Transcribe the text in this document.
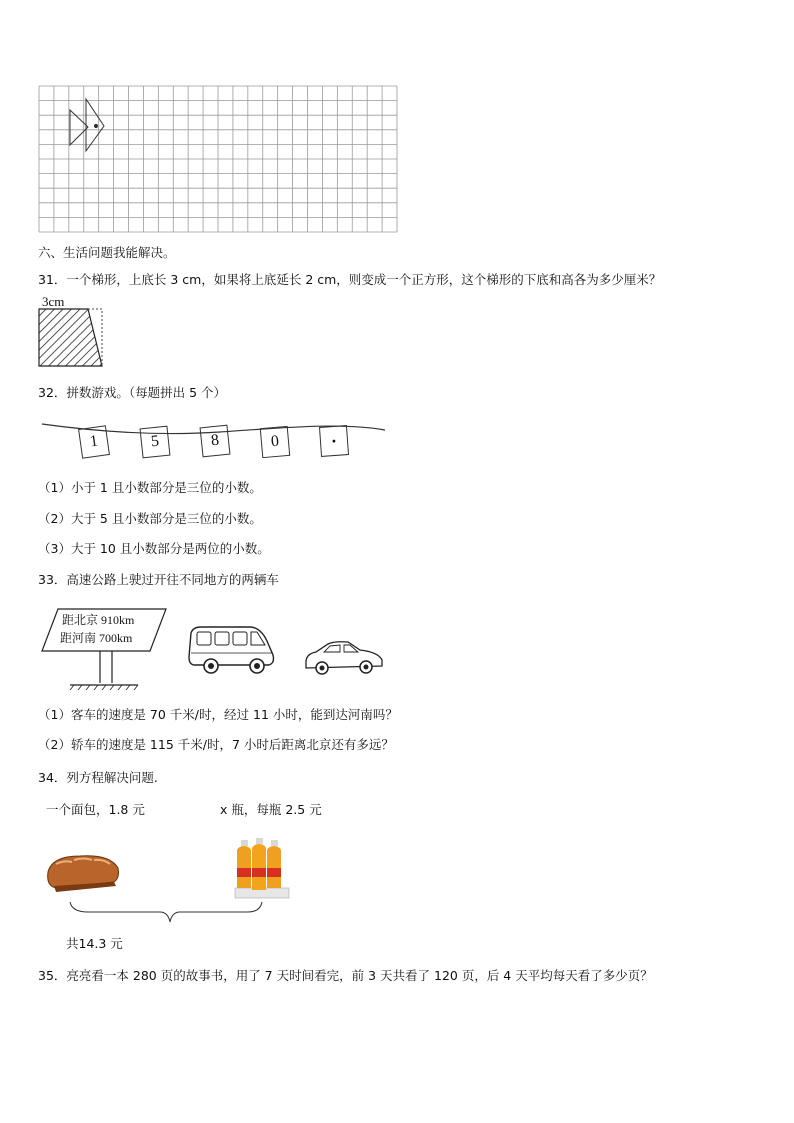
六、生活问题我能解决。
31．一个梯形，上底长 3 cm，如果将上底延长 2 cm，则变成一个正方形，这个梯形的下底和高各为多少厘米？
3cm
32．拼数游戏。（每题拼出 5 个）
1	5	8	0	·
（1）小于 1 且小数部分是三位的小数。
（2）大于 5 且小数部分是三位的小数。
（3）大于 10 且小数部分是两位的小数。
33．高速公路上驶过开往不同地方的两辆车
距北京 910km
距河南 700km
（1）客车的速度是 70 千米/时，经过 11 小时，能到达河南吗？
（2）轿车的速度是 115 千米/时，7 小时后距离北京还有多远？
34．列方程解决问题.
一个面包，1.8 元	x 瓶，每瓶 2.5 元
共14.3 元
35．亮亮看一本 280 页的故事书，用了 7 天时间看完，前 3 天共看了 120 页，后 4 天平均每天看了多少页？
